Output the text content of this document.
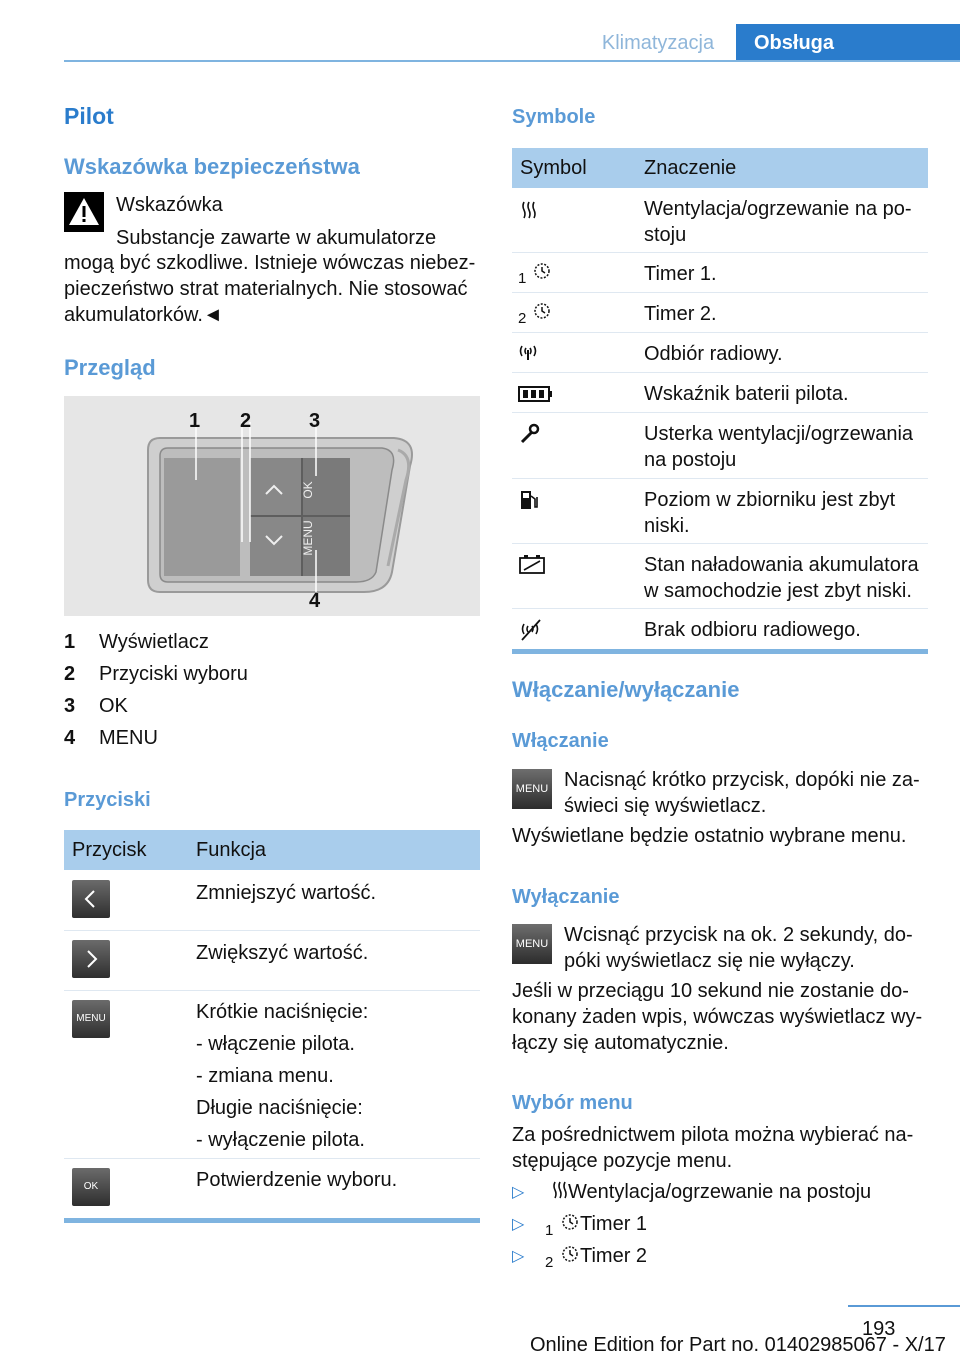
Klimatyzacja	Obsługa
Pilot
Wskazówka bezpieczeństwa
Wskazówka
Substancje zawarte w akumulatorze
mogą być szkodliwe. Istnieje wówczas niebez-pieczeństwo strat materialnych. Nie stosować akumulatorków.◄
Przegląd
1 2	3
4
OK
MENU
1 Wyświetlacz
2 Przyciski wyboru
3 OK
4 MENU
Przyciski
Przycisk Funkcja
Zmniejszyć wartość.
Zwiększyć wartość.
MENU	Krótkie naciśnięcie:
- włączenie pilota.
- zmiana menu.
Długie naciśnięcie:
- wyłączenie pilota.
OK	Potwierdzenie wyboru.
Symbole
Symbol	Znaczenie
Wentylacja/ogrzewanie na po-stoju
1	Timer 1.
2	Timer 2.
Odbiór radiowy.
Wskaźnik baterii pilota.
Usterka wentylacji/ogrzewania na postoju
Poziom w zbiorniku jest zbyt niski.
Stan naładowania akumulatora w samochodzie jest zbyt niski.
Brak odbioru radiowego.
Włączanie/wyłączanie
Włączanie
MENU Nacisnąć krótko przycisk, dopóki nie za-świeci się wyświetlacz.
Wyświetlane będzie ostatnio wybrane menu.
Wyłączanie
MENU Wcisnąć przycisk na ok. 2 sekundy, do-póki wyświetlacz się nie wyłączy.
Jeśli w przeciągu 10 sekund nie zostanie do-konany żaden wpis, wówczas wyświetlacz wy-łączy się automatycznie.
Wybór menu
Za pośrednictwem pilota można wybierać na-stępujące pozycje menu.
▷ Wentylacja/ogrzewanie na postoju
▷ 1 Timer 1
▷ 2 Timer 2
193
Online Edition for Part no. 01402985067 - X/17
